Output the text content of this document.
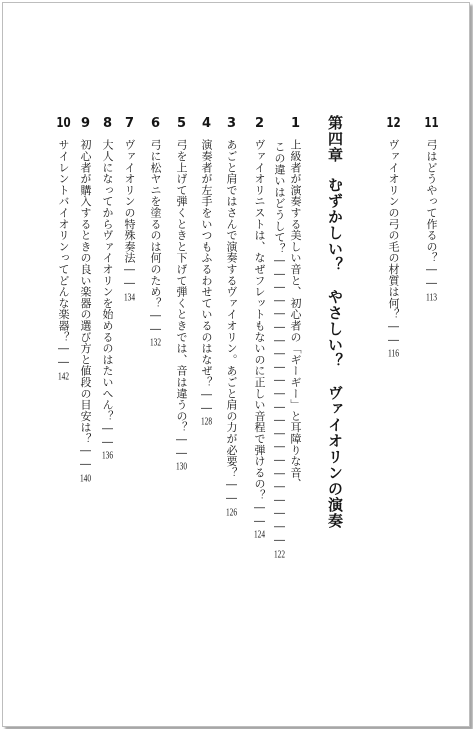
11弓はどうやって作るの？――113
12ヴァイオリンの弓の毛の材質は何？――116
第四章むずかしい？　やさしい？　ヴァイオリンの演奏
1上級者が演奏する美しい音と、初心者の「ギーギー」と耳障りな音、
この違いはどうして？――――――――――――――――――――――122
2ヴァイオリニストは、なぜフレットもないのに正しい音程で弾けるの？――124
3あごと肩ではさんで演奏するヴァイオリン。あごと肩の力が必要？――126
4演奏者が左手をいつもふるわせているのはなぜ？――128
5弓を上げて弾くときと下げて弾くときでは、音は違うの？――130
6弓に松ヤニを塗るのは何のため？――132
7ヴァイオリンの特殊奏法――134
8大人になってからヴァイオリンを始めるのはたいへん？――136
9初心者が購入するときの良い楽器の選び方と値段の目安は？――140
10サイレントバイオリンってどんな楽器？――142
